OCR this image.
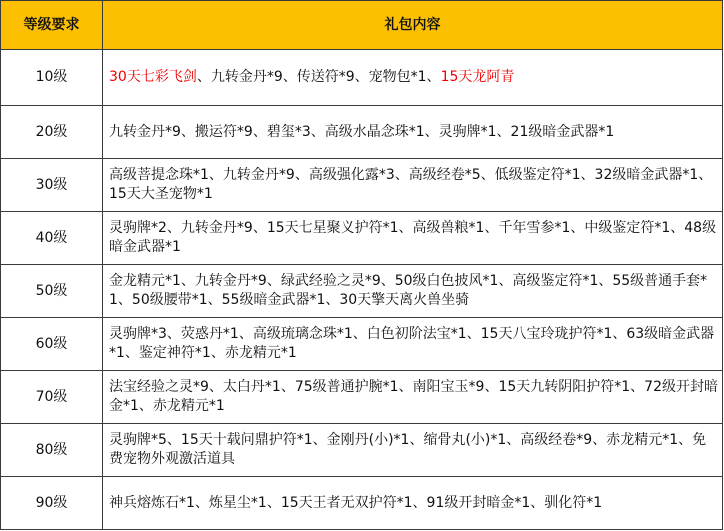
等级要求	礼包内容
10级	30天七彩飞剑、九转金丹*9、传送符*9、宠物包*1、15天龙阿青
20级	九转金丹*9、搬运符*9、碧玺*3、高级水晶念珠*1、灵驹牌*1、21级暗金武器*1
30级	高级菩提念珠*1、九转金丹*9、高级强化露*3、高级经卷*5、低级鉴定符*1、32级暗金武器*1、15天大圣宠物*1
40级	灵驹牌*2、九转金丹*9、15天七星聚义护符*1、高级兽粮*1、千年雪参*1、中级鉴定符*1、48级暗金武器*1
50级	金龙精元*1、九转金丹*9、绿武经验之灵*9、50级白色披风*1、高级鉴定符*1、55级普通手套*1、50级腰带*1、55级暗金武器*1、30天擎天离火兽坐骑
60级	灵驹牌*3、荧惑丹*1、高级琉璃念珠*1、白色初阶法宝*1、15天八宝玲珑护符*1、63级暗金武器*1、鉴定神符*1、赤龙精元*1
70级	法宝经验之灵*9、太白丹*1、75级普通护腕*1、南阳宝玉*9、15天九转阴阳护符*1、72级开封暗金*1、赤龙精元*1
80级	灵驹牌*5、15天十载问鼎护符*1、金刚丹(小)*1、缩骨丸(小)*1、高级经卷*9、赤龙精元*1、免费宠物外观激活道具
90级	神兵熔炼石*1、炼星尘*1、15天王者无双护符*1、91级开封暗金*1、驯化符*1
